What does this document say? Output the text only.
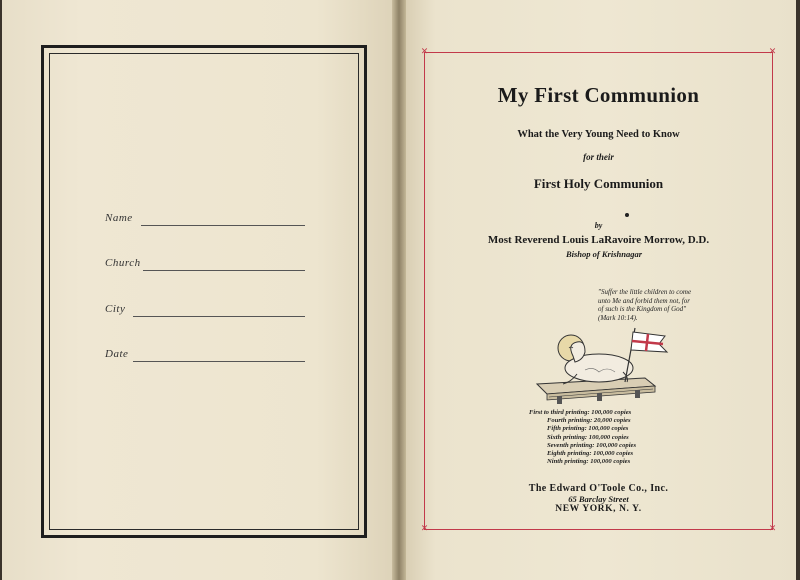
Name
Church
City
Date
✕	✕
✕	✕
My First Communion
What the Very Young Need to Know
for their
First Holy Communion
by
Most Reverend Louis LaRavoire Morrow, D.D.
Bishop of Krishnagar
"Suffer the little children to come
unto Me and forbid them not, for
of such is the Kingdom of God"
(Mark 10:14).
First to third printing: 100,000 copies
Fourth printing: 20,000 copies
Fifth printing: 100,000 copies
Sixth printing: 100,000 copies
Seventh printing: 100,000 copies
Eighth printing: 100,000 copies
Ninth printing: 100,000 copies
The Edward O'Toole Co., Inc.
65 Barclay Street
NEW YORK, N. Y.
